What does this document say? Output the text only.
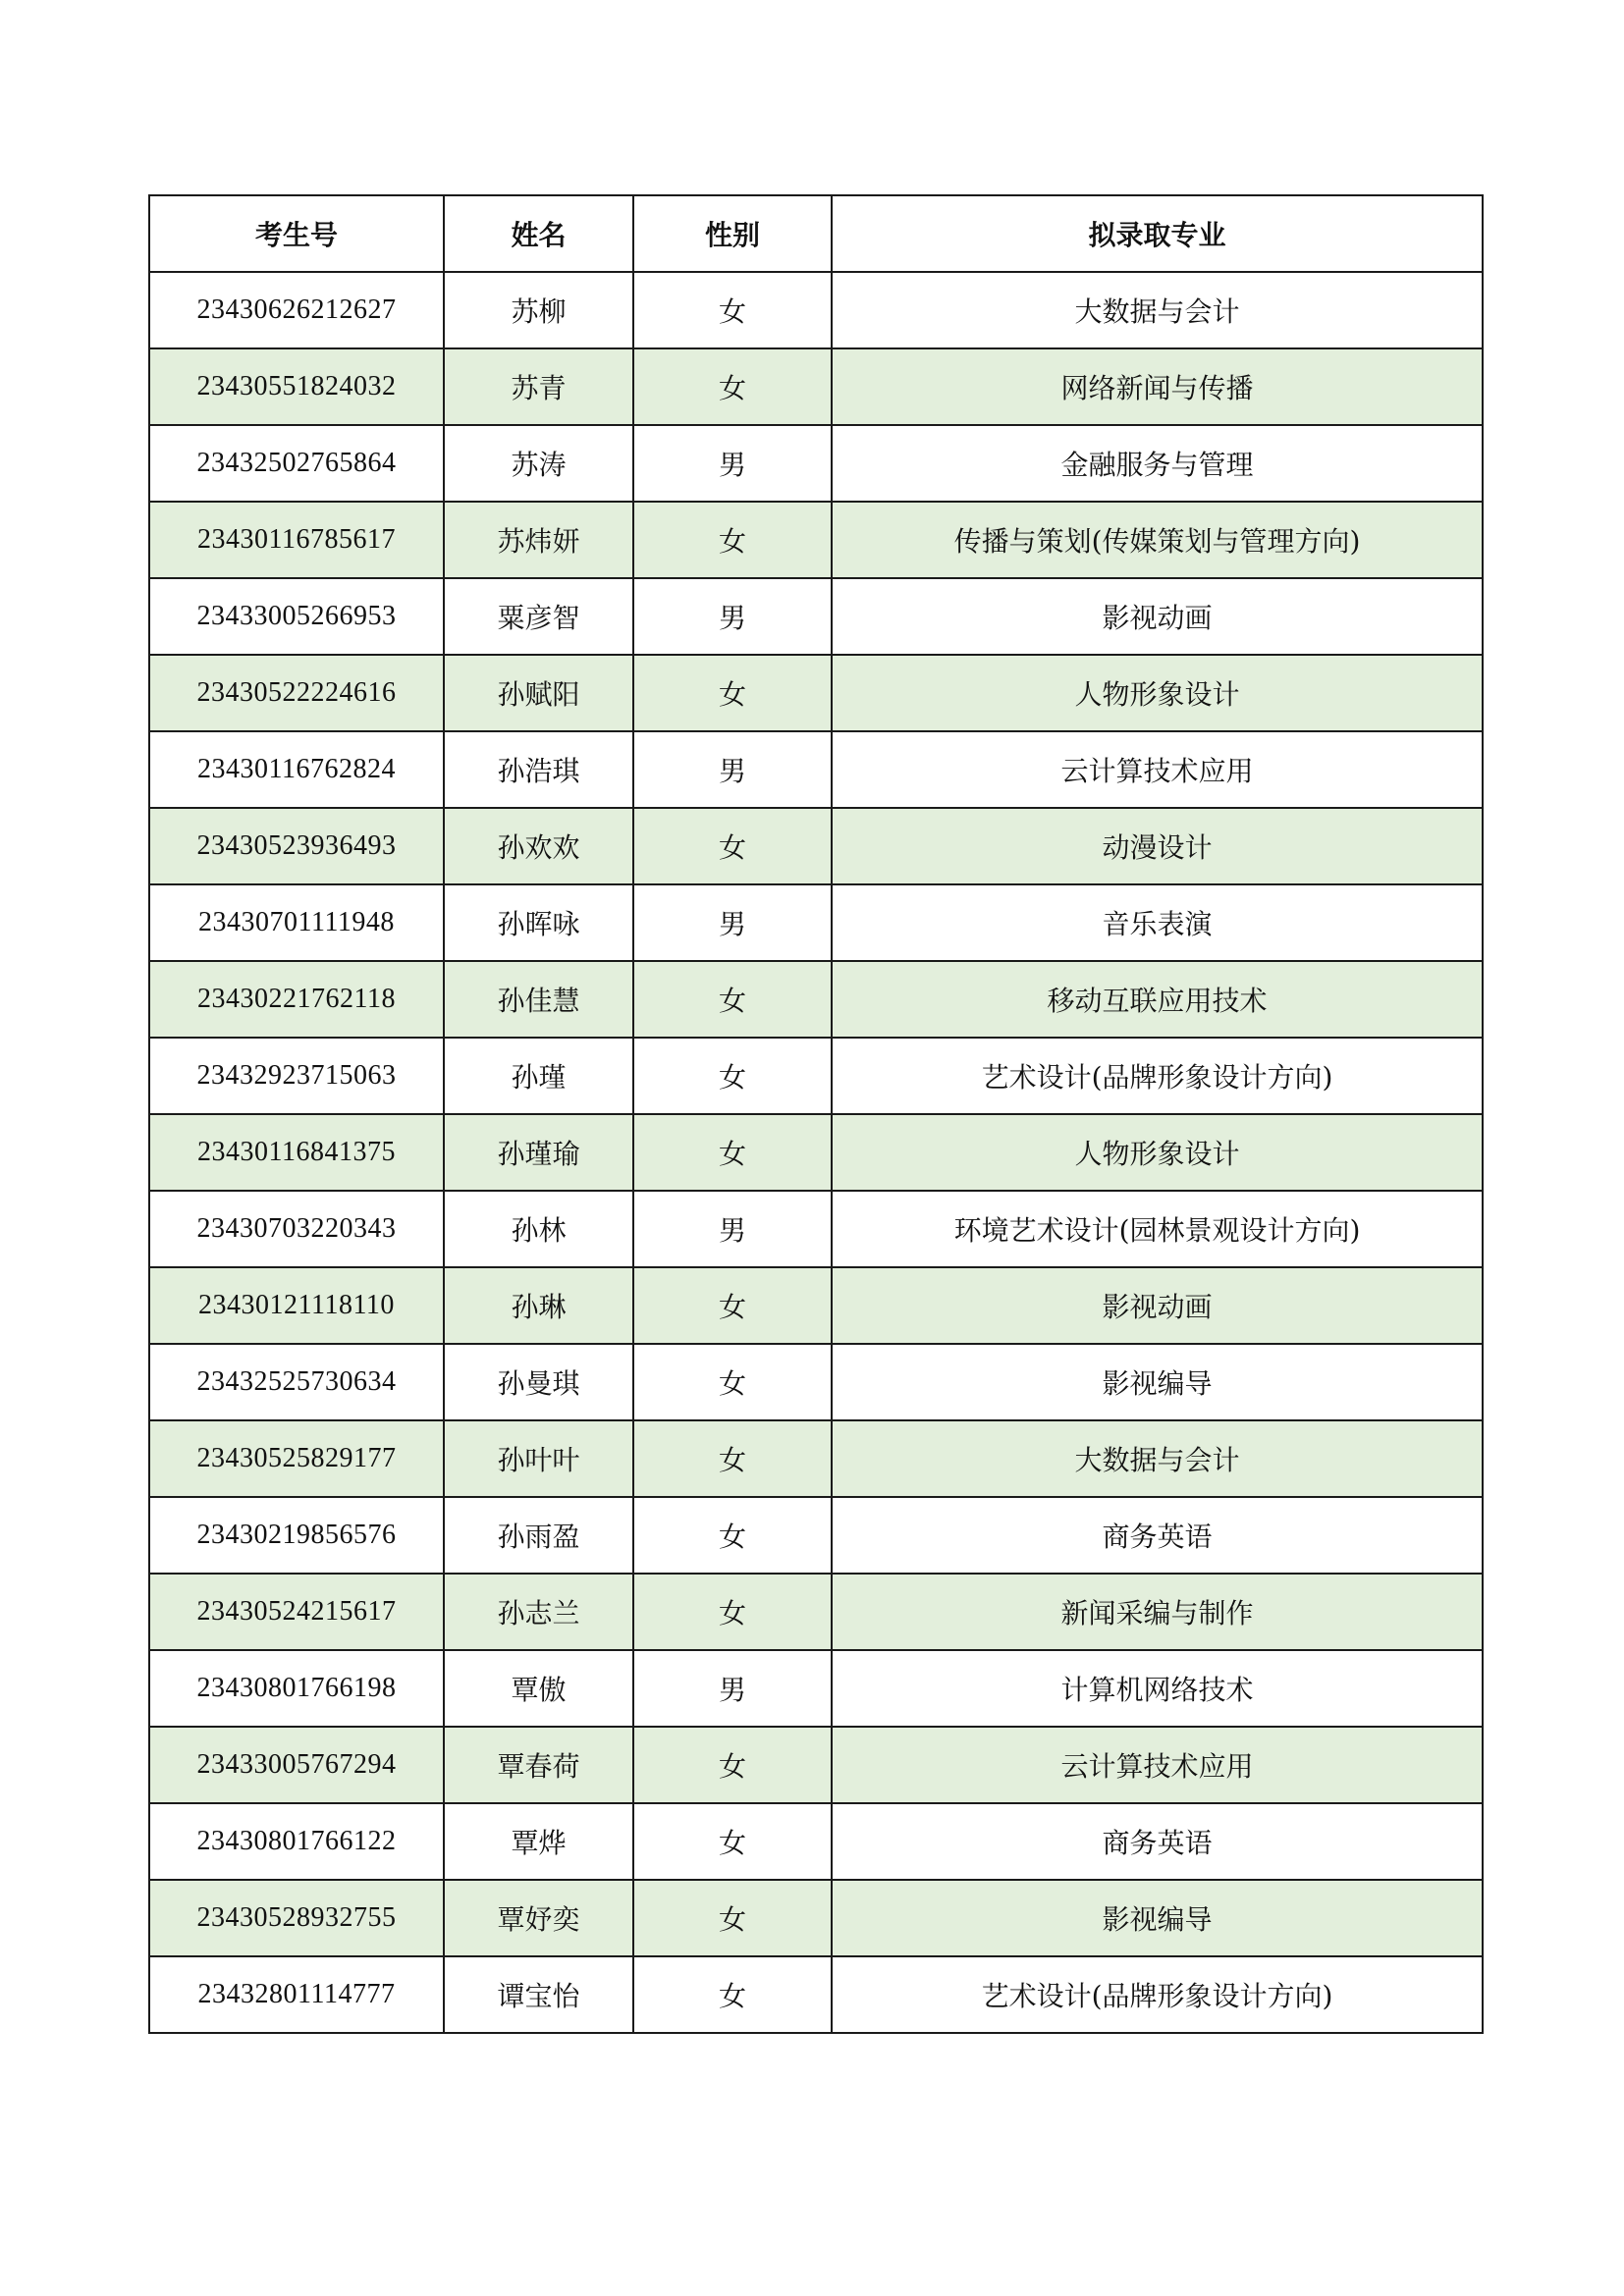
考生号	姓名	性别	拟录取专业
23430626212627	苏柳	女	大数据与会计
23430551824032	苏青	女	网络新闻与传播
23432502765864	苏涛	男	金融服务与管理
23430116785617	苏炜妍	女	传播与策划(传媒策划与管理方向)
23433005266953	粟彦智	男	影视动画
23430522224616	孙赋阳	女	人物形象设计
23430116762824	孙浩琪	男	云计算技术应用
23430523936493	孙欢欢	女	动漫设计
23430701111948	孙晖咏	男	音乐表演
23430221762118	孙佳慧	女	移动互联应用技术
23432923715063	孙瑾	女	艺术设计(品牌形象设计方向)
23430116841375	孙瑾瑜	女	人物形象设计
23430703220343	孙林	男	环境艺术设计(园林景观设计方向)
23430121118110	孙琳	女	影视动画
23432525730634	孙曼琪	女	影视编导
23430525829177	孙叶叶	女	大数据与会计
23430219856576	孙雨盈	女	商务英语
23430524215617	孙志兰	女	新闻采编与制作
23430801766198	覃傲	男	计算机网络技术
23433005767294	覃春荷	女	云计算技术应用
23430801766122	覃烨	女	商务英语
23430528932755	覃妤奕	女	影视编导
23432801114777	谭宝怡	女	艺术设计(品牌形象设计方向)
